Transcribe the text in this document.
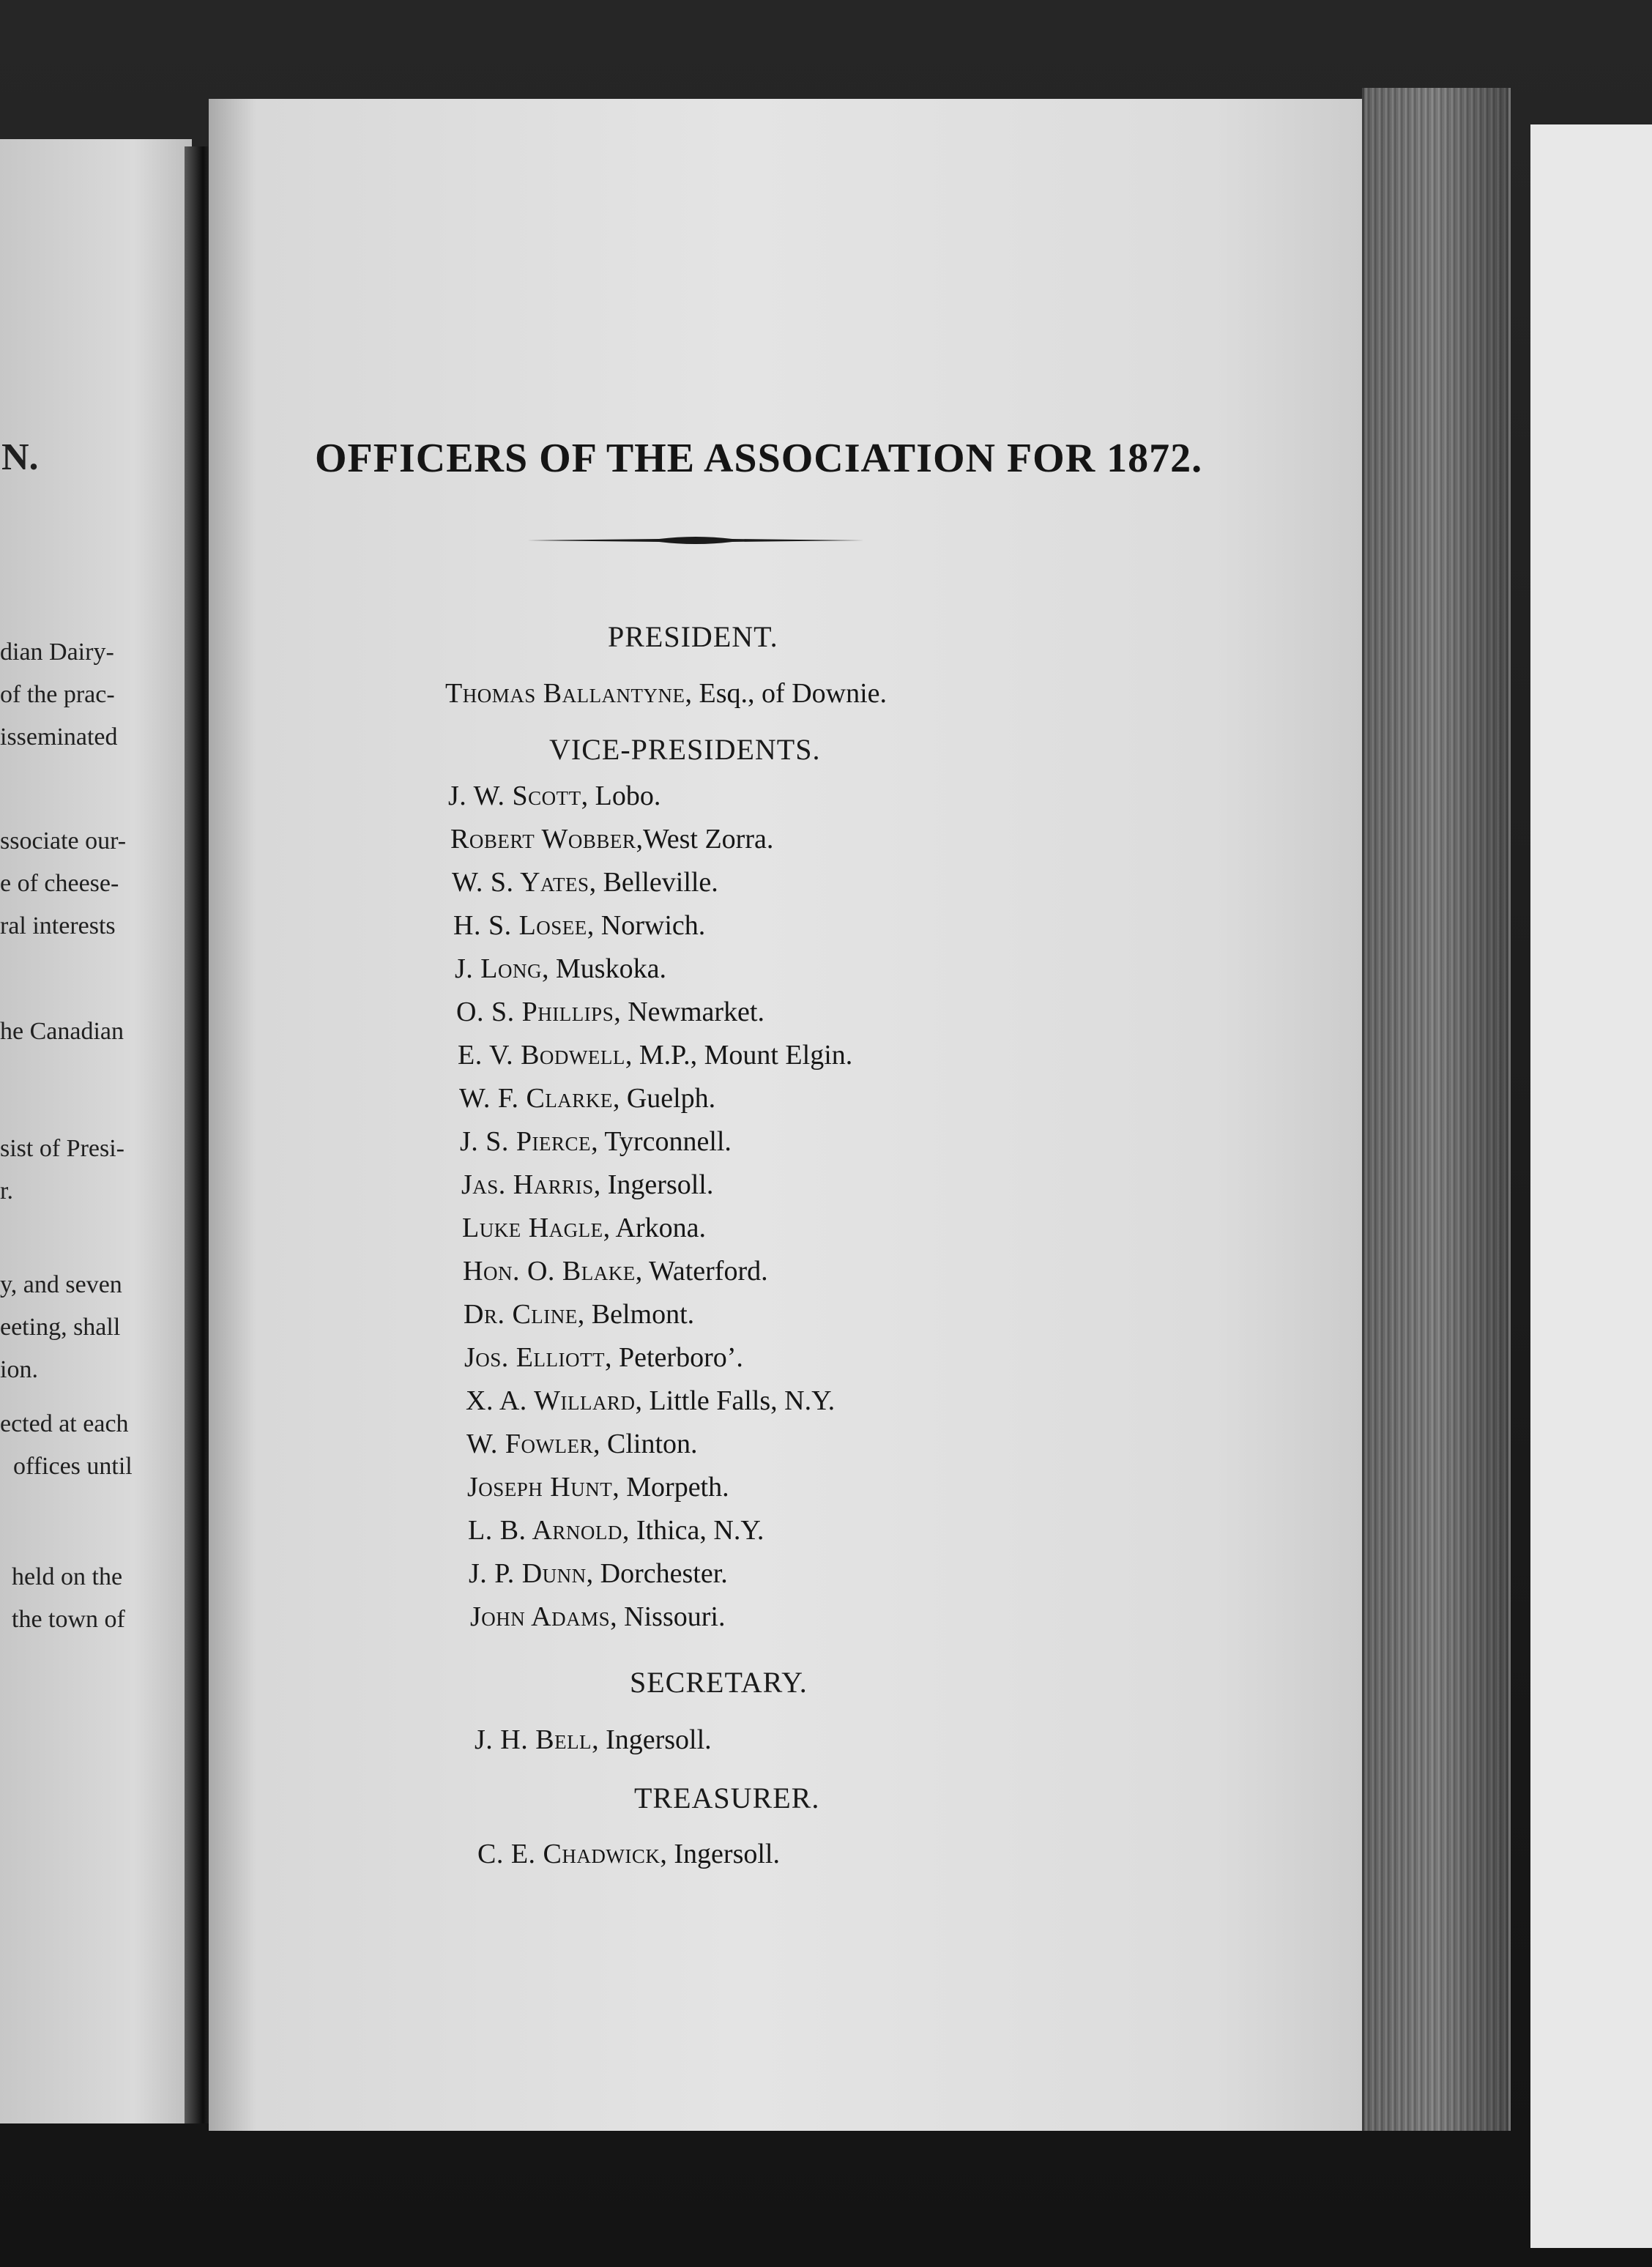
N.
dian Dairy-
of the prac-
isseminated
ssociate our-
e of cheese-
ral interests
he Canadian
sist of Presi-
r.
y, and seven
eeting, shall
ion.
ected at each
offices until
held on the
the town of
OFFICERS OF THE ASSOCIATION FOR 1872.
PRESIDENT.
Thomas Ballantyne, Esq., of Downie.
VICE-PRESIDENTS.
J. W. Scott, Lobo.
Robert Wobber,West Zorra.
W. S. Yates, Belleville.
H. S. Losee, Norwich.
J. Long, Muskoka.
O. S. Phillips, Newmarket.
E. V. Bodwell, M.P., Mount Elgin.
W. F. Clarke, Guelph.
J. S. Pierce, Tyrconnell.
Jas. Harris, Ingersoll.
Luke Hagle, Arkona.
Hon. O. Blake, Waterford.
Dr. Cline, Belmont.
Jos. Elliott, Peterboro’.
X. A. Willard, Little Falls, N.Y.
W. Fowler, Clinton.
Joseph Hunt, Morpeth.
L. B. Arnold, Ithica, N.Y.
J. P. Dunn, Dorchester.
John Adams, Nissouri.
SECRETARY.
J. H. Bell, Ingersoll.
TREASURER.
C. E. Chadwick, Ingersoll.
